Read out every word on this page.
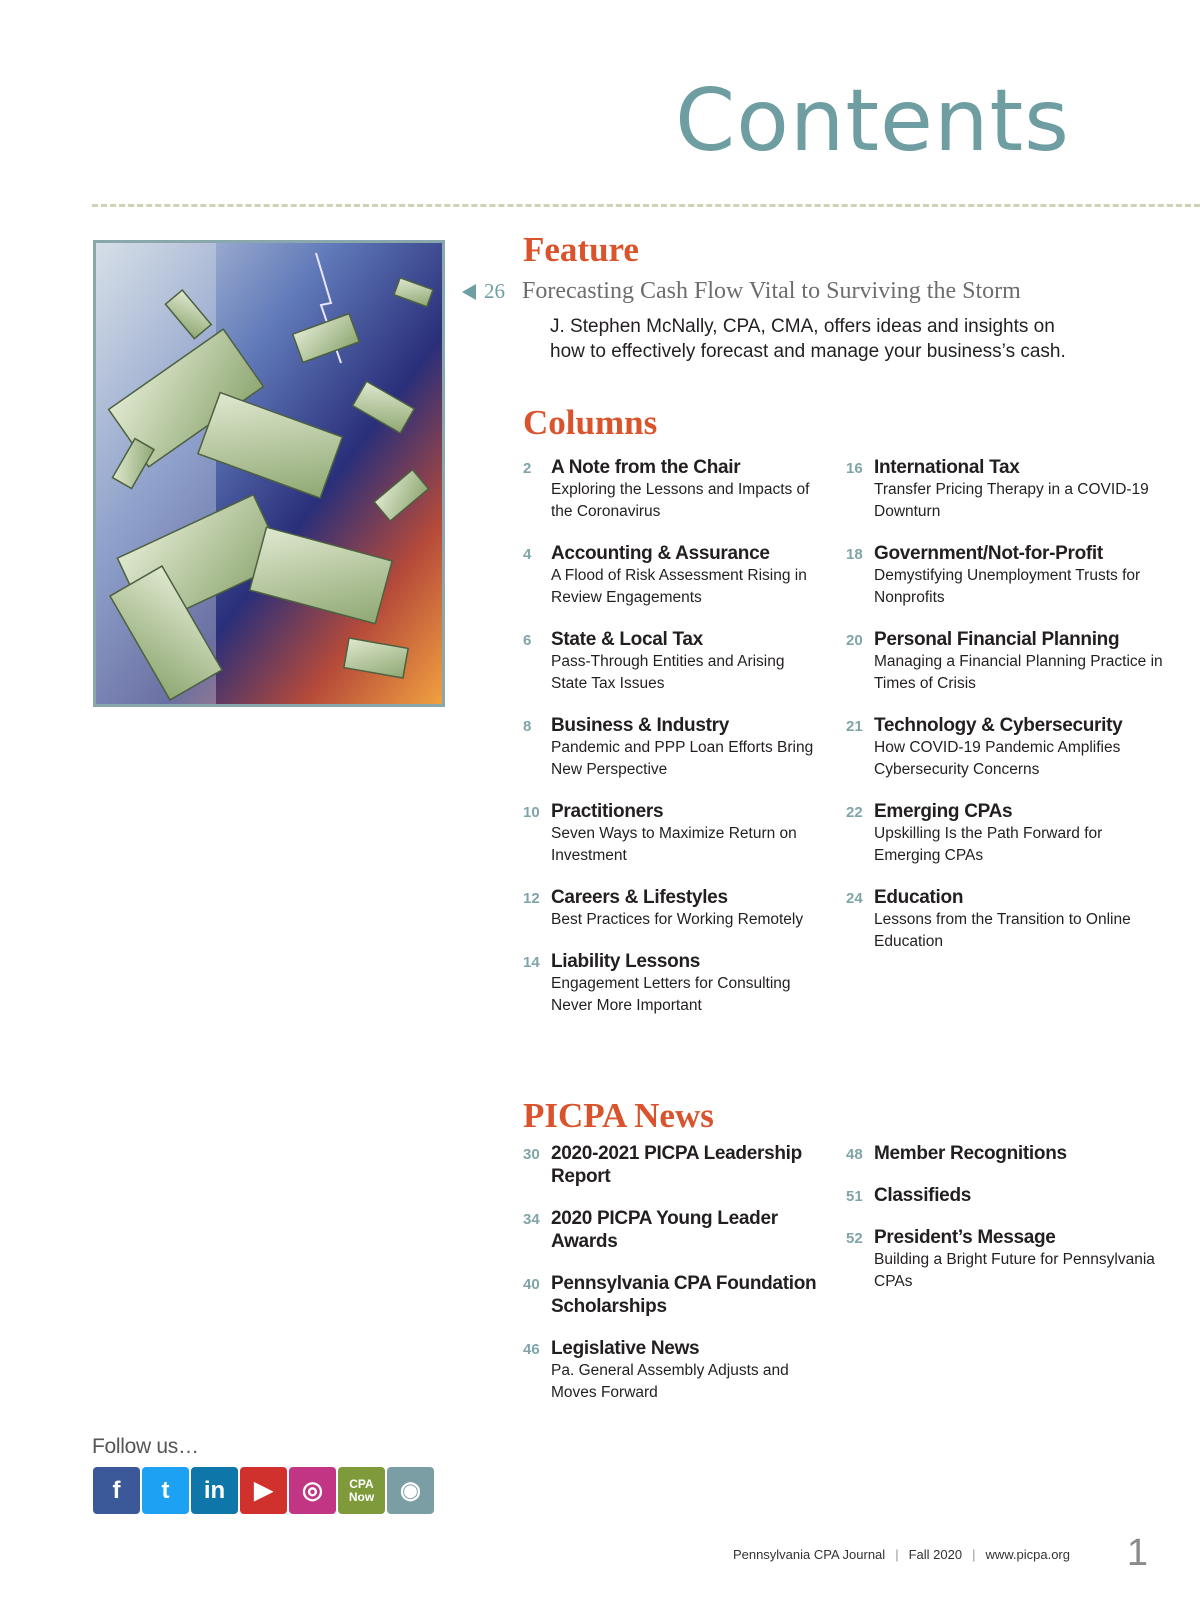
Contents
Feature
26 Forecasting Cash Flow Vital to Surviving the Storm
J. Stephen McNally, CPA, CMA, offers ideas and insights on how to effectively forecast and manage your business’s cash.
Columns
2	A Note from the Chair
Exploring the Lessons and Impacts of the Coronavirus
4	Accounting & Assurance
A Flood of Risk Assessment Rising in Review Engagements
6	State & Local Tax
Pass-Through Entities and Arising State Tax Issues
8	Business & Industry
Pandemic and PPP Loan Efforts Bring New Perspective
10 Practitioners
Seven Ways to Maximize Return on Investment
12 Careers & Lifestyles
Best Practices for Working Remotely
14 Liability Lessons
Engagement Letters for Consulting Never More Important
16 International Tax
Transfer Pricing Therapy in a COVID-19 Downturn
18 Government/Not-for-Profit
Demystifying Unemployment Trusts for Nonprofits
20 Personal Financial Planning
Managing a Financial Planning Practice in Times of Crisis
21 Technology & Cybersecurity
How COVID-19 Pandemic Amplifies Cybersecurity Concerns
22 Emerging CPAs
Upskilling Is the Path Forward for Emerging CPAs
24 Education
Lessons from the Transition to Online Education
PICPA News
30 2020-2021 PICPA Leadership Report
34 2020 PICPA Young Leader Awards
40 Pennsylvania CPA Foundation Scholarships
46 Legislative News
Pa. General Assembly Adjusts and Moves Forward
48 Member Recognitions
51 Classifieds
52 President’s Message
Building a Bright Future for Pennsylvania CPAs
Follow us…
f	t	in	▶	◎	CPA Now	◉
Pennsylvania CPA Journal | Fall 2020 | www.picpa.org 1
